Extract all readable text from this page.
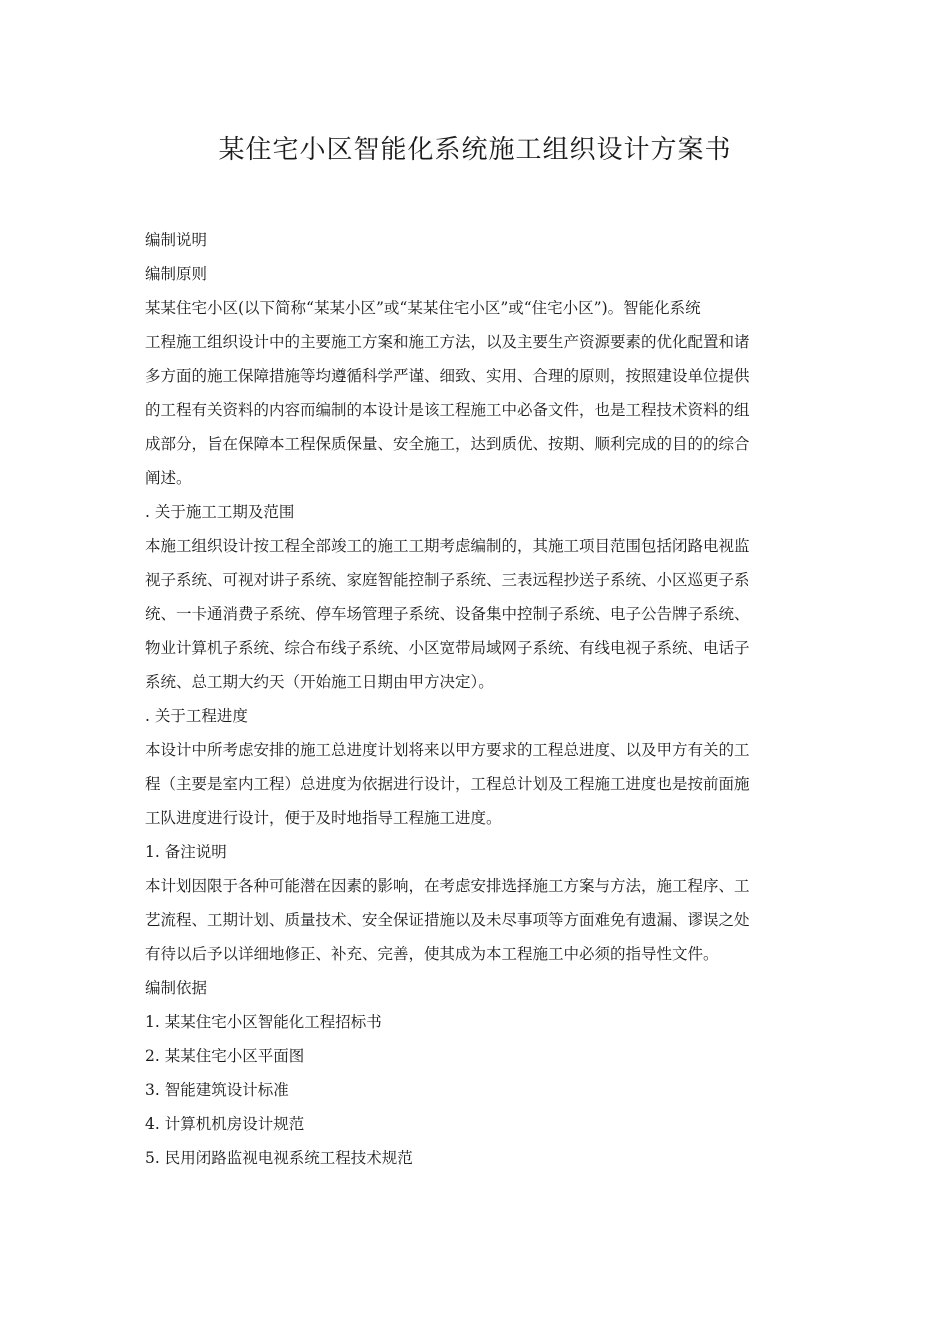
某住宅小区智能化系统施工组织设计方案书
编制说明
编制原则
某某住宅小区(以下简称“某某小区”或“某某住宅小区”或“住宅小区”)。智能化系统
工程施工组织设计中的主要施工方案和施工方法，以及主要生产资源要素的优化配置和诸
多方面的施工保障措施等均遵循科学严谨、细致、实用、合理的原则，按照建设单位提供
的工程有关资料的内容而编制的本设计是该工程施工中必备文件，也是工程技术资料的组
成部分，旨在保障本工程保质保量、安全施工，达到质优、按期、顺利完成的目的的综合
阐述。
. 关于施工工期及范围
本施工组织设计按工程全部竣工的施工工期考虑编制的，其施工项目范围包括闭路电视监
视子系统、可视对讲子系统、家庭智能控制子系统、三表远程抄送子系统、小区巡更子系
统、一卡通消费子系统、停车场管理子系统、设备集中控制子系统、电子公告牌子系统、
物业计算机子系统、综合布线子系统、小区宽带局域网子系统、有线电视子系统、电话子
系统、总工期大约天（开始施工日期由甲方决定）。
. 关于工程进度
本设计中所考虑安排的施工总进度计划将来以甲方要求的工程总进度、以及甲方有关的工
程（主要是室内工程）总进度为依据进行设计，工程总计划及工程施工进度也是按前面施
工队进度进行设计，便于及时地指导工程施工进度。
1. 备注说明
本计划因限于各种可能潜在因素的影响，在考虑安排选择施工方案与方法，施工程序、工
艺流程、工期计划、质量技术、安全保证措施以及未尽事项等方面难免有遗漏、谬误之处
有待以后予以详细地修正、补充、完善，使其成为本工程施工中必须的指导性文件。
编制依据
1. 某某住宅小区智能化工程招标书
2. 某某住宅小区平面图
3. 智能建筑设计标准
4. 计算机机房设计规范
5. 民用闭路监视电视系统工程技术规范
